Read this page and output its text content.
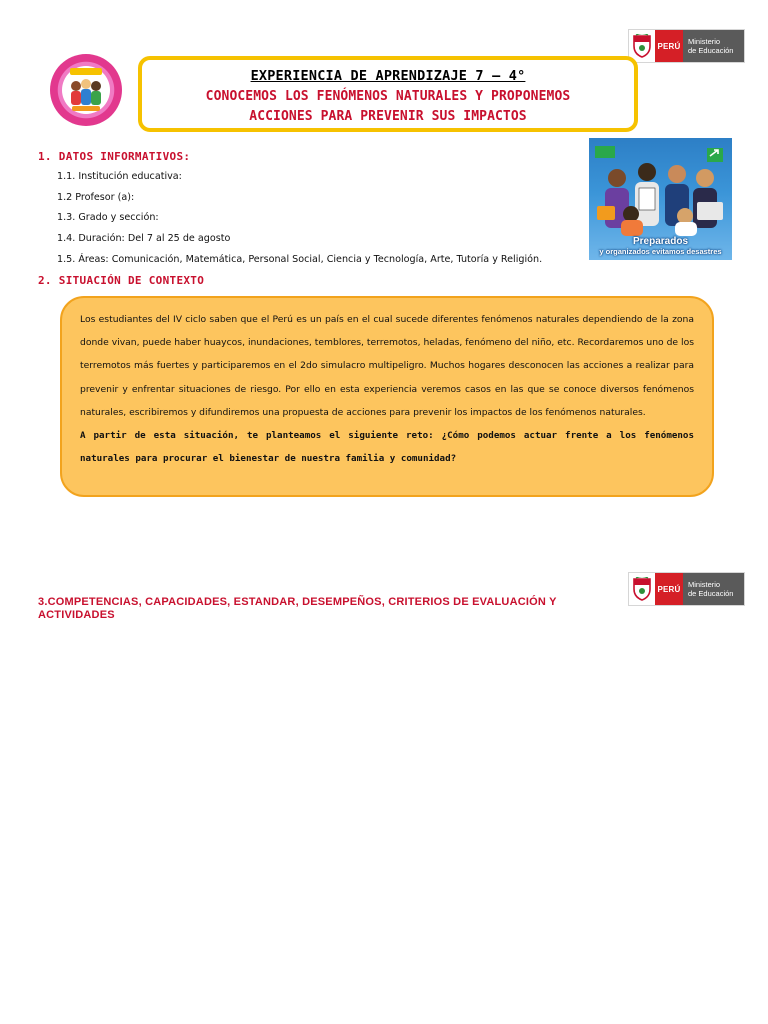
PERÚ Ministerio
de Educación
EXPERIENCIA DE APRENDIZAJE 7 – 4°
CONOCEMOS LOS FENÓMENOS NATURALES Y PROPONEMOS
ACCIONES PARA PREVENIR SUS IMPACTOS
1. DATOS INFORMATIVOS:
1.1. Institución educativa:
1.2 Profesor (a):
1.3. Grado y sección:
1.4. Duración: Del 7 al 25 de agosto
1.5. Áreas: Comunicación, Matemática, Personal Social, Ciencia y Tecnología, Arte, Tutoría y Religión.
Preparados
y organizados evitamos desastres
2. SITUACIÓN DE CONTEXTO

Los estudiantes del IV ciclo saben que el Perú es un país en el cual sucede diferentes fenómenos naturales dependiendo de la zona donde vivan, puede haber huaycos, inundaciones, temblores, terremotos, heladas, fenómeno del niño, etc. Recordaremos uno de los terremotos más fuertes y participaremos en el 2do simulacro multipeligro. Muchos hogares desconocen las acciones a realizar para prevenir y enfrentar situaciones de riesgo. Por ello en esta experiencia veremos casos en las que se conoce diversos fenómenos naturales, escribiremos y difundiremos una propuesta de acciones para prevenir los impactos de los fenómenos naturales.

A partir de esta situación, te planteamos el siguiente reto: ¿Cómo podemos actuar frente a los fenómenos naturales para procurar el bienestar de nuestra familia y comunidad?

PERÚ Ministerio
de Educación
3.COMPETENCIAS, CAPACIDADES, ESTANDAR, DESEMPEÑOS, CRITERIOS DE EVALUACIÓN Y ACTIVIDADES
